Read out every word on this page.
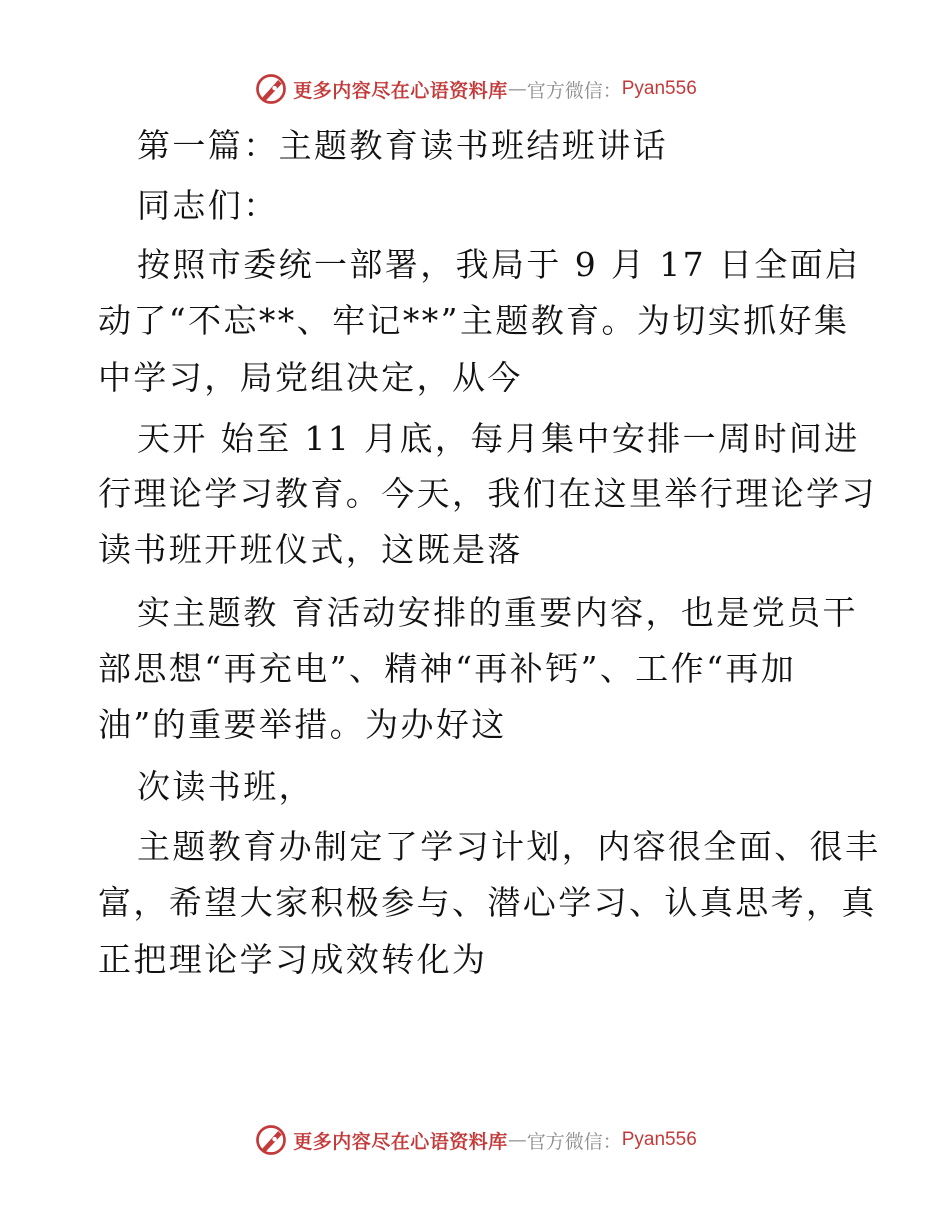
更多内容尽在心语资料库 — 官方微信： Pyan556
第一篇：主题教育读书班结班讲话
同志们：
按照市委统一部署，我局于 9 月 17 日全面启
动了“不忘**、牢记**”主题教育。为切实抓好集
中学习，局党组决定，从今
天开 始至 11 月底，每月集中安排一周时间进
行理论学习教育。今天，我们在这里举行理论学习
读书班开班仪式，这既是落
实主题教 育活动安排的重要内容，也是党员干
部思想“再充电”、精神“再补钙”、工作“再加
油”的重要举措。为办好这
次读书班，
主题教育办制定了学习计划，内容很全面、很丰
富，希望大家积极参与、潜心学习、认真思考，真
正把理论学习成效转化为
更多内容尽在心语资料库 — 官方微信： Pyan556
